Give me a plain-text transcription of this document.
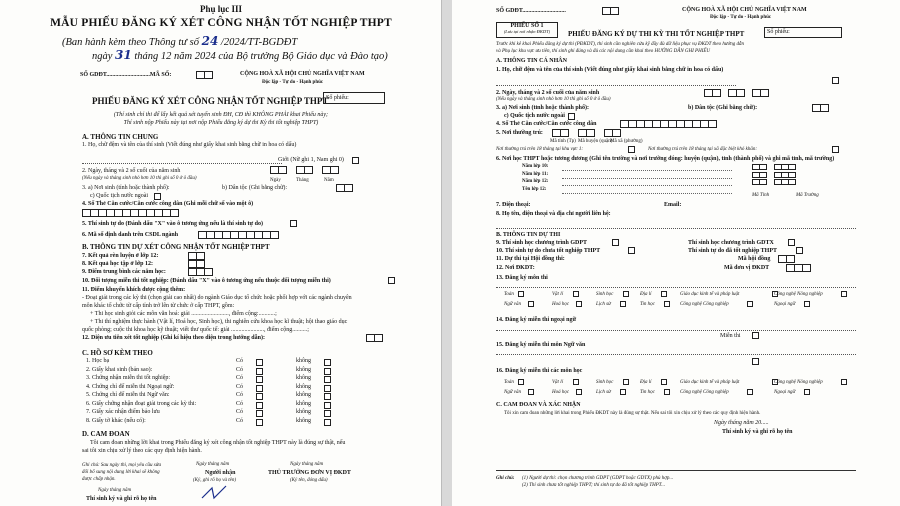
Phụ lục III
MẪU PHIẾU ĐĂNG KÝ XÉT CÔNG NHẬN TỐT NGHIỆP THPT
(Ban hành kèm theo Thông tư số 24 /2024/TT-BGDĐT
ngày 31 tháng 12 năm 2024 của Bộ trưởng Bộ Giáo dục và Đào tạo)
SỐ GDĐT.............................MÃ SỐ:	CỘNG HOÀ XÃ HỘI CHỦ NGHĨA VIỆT NAM
Độc lập - Tự do - Hạnh phúc
PHIẾU ĐĂNG KÝ XÉT CÔNG NHẬN TỐT NGHIỆP THPT
Số phiếu:
(Thí sinh chỉ thi để lấy kết quả xét tuyển sinh ĐH, CĐ thì KHÔNG PHẢI khai Phiếu này;
Thí sinh nộp Phiếu này tại nơi nộp Phiếu đăng ký dự thi Kỳ thi tốt nghiệp THPT)
A. THÔNG TIN CHUNG
1. Họ, chữ đệm và tên của thí sinh (Viết đúng như giấy khai sinh bằng chữ in hoa có dấu)
Giới (Nữ ghi 1, Nam ghi 0)
2. Ngày, tháng và 2 số cuối của năm sinh
(Nếu ngày và tháng sinh nhỏ hơn 10 thì ghi số 0 ở ô đầu)	Ngày	Tháng	Năm
3. a) Nơi sinh (tỉnh hoặc thành phố):	b) Dân tộc (Ghi bằng chữ):
c) Quốc tịch nước ngoài
4. Số Thẻ Căn cước/Căn cước công dân (Ghi mỗi chữ số vào một ô)
5. Thí sinh tự do (Đánh dấu "X" vào ô tương ứng nếu là thí sinh tự do)
6. Mã số định danh trên CSDL ngành
B. THÔNG TIN DỰ XÉT CÔNG NHẬN TỐT NGHIỆP THPT
7. Kết quả rèn luyện ở lớp 12:
8. Kết quả học tập ở lớp 12:
9. Điểm trung bình các năm học:
10. Đối tượng miễn thi tốt nghiệp: (Đánh dấu "X" vào ô tương ứng nếu thuộc đối tượng miễn thi)
11. Điểm khuyến khích được cộng thêm:
- Đoạt giải trong các kỳ thi (chọn giải cao nhất) do ngành Giáo dục tổ chức hoặc phối hợp với các ngành chuyên
môn khác tổ chức từ cấp tỉnh trở lên từ chức ở cấp THPT, gồm:
+ Thi học sinh giỏi các môn văn hoá: giải ........................., điểm cộng:...........;
+ Thi thí nghiệm thực hành (Vật lí, Hoá học, Sinh học), thi nghiên cứu khoa học kĩ thuật; hội thao giáo dục
quốc phòng; cuộc thi khoa học kỹ thuật; viết thư quốc tế: giải ......................, điểm cộng..........;
12. Diện ưu tiên xét tốt nghiệp (Ghi kí hiệu theo diện trong hướng dẫn):
C. HỒ SƠ KÈM THEO
1. Học bạ	Có	không
2. Giấy khai sinh (bản sao):	Có	không
3. Chứng nhận miễn thi tốt nghiệp:	Có	không
4. Chứng chỉ để miễn thi Ngoại ngữ:	Có	không
5. Chứng chỉ để miễn thi Ngữ văn:	Có	không
6. Giấy chứng nhận đoạt giải trong các kỳ thi:	Có	không
7. Giấy xác nhận điểm bảo lưu	Có	không
8. Giấy tờ khác (nếu có):	Có	không
D. CAM ĐOAN
Tôi cam đoan những lời khai trong Phiếu đăng ký xét công nhận tốt nghiệp THPT này là đúng sự thật, nếu
sai tôi xin chịu xử lý theo các quy định hiện hành.
Ghi chú: Sau ngày thi, mọi yêu cầu sửa đổi bổ sung nội dung lời khai sẽ không được chấp nhận.
Ngày tháng năm
Người nhận
(Ký, ghi rõ họ và tên)
Ngày tháng năm
THỦ TRƯỞNG ĐƠN VỊ ĐKDT
(Ký tên, đóng dấu)
Ngày tháng năm
Thí sinh ký và ghi rõ họ tên
SỐ GDĐT.............................	CỘNG HOÀ XÃ HỘI CHỦ NGHĨA VIỆT NAM
Độc lập - Tự do - Hạnh phúc
PHIẾU SỐ 1
(Lưu tại nơi nhận ĐKDT)	PHIẾU ĐĂNG KÝ DỰ THI KỲ THI TỐT NGHIỆP THPT	Số phiếu:
Trước khi kê khai Phiếu đăng ký dự thi (PĐKDT), thí sinh cần nghiên cứu kỹ đầy đủ dữ liệu phục vụ ĐKDT theo hướng dẫn
và Phụ lục khu vực ưu tiên, thí sinh ghi đúng và đủ các nội dung cần khai theo HƯỚNG DẪN GHI PHIẾU
A. THÔNG TIN CÁ NHÂN
1. Họ, chữ đệm và tên của thí sinh (Viết đúng như giấy khai sinh bằng chữ in hoa có dấu)
2. Ngày, tháng và 2 số cuối của năm sinh
(Nếu ngày và tháng sinh nhỏ hơn 10 thì ghi số 0 ở ô đầu)
3. a) Nơi sinh (tỉnh hoặc thành phố):	b) Dân tộc (Ghi bằng chữ):
c) Quốc tịch nước ngoài
4. Số Thẻ Căn cước/Căn cước công dân
5. Nơi thường trú:
Mã tỉnh (Tp) Mã huyện (quận)
Mã xã (phường)
Nơi thường trú trên 18 tháng tại khu vực 1:	Nơi thường trú trên 18 tháng tại xã đặc biệt khó khăn:
6. Nơi học THPT hoặc tương đương (Ghi tên trường và nơi trường đóng: huyện (quận), tỉnh (thành phố) và ghi mã tỉnh, mã trường)
Năm lớp 10:
Năm lớp 11:
Năm lớp 12:
Tên lớp 12:
Mã Tỉnh	Mã Trường
7. Điện thoại:	Email:
8. Họ tên, điện thoại và địa chỉ người liên hệ:
B. THÔNG TIN DỰ THI
9. Thí sinh học chương trình GDPT	Thí sinh học chương trình GDTX
10. Thí sinh tự do chưa tốt nghiệp THPT	Thí sinh tự do đã tốt nghiệp THPT
11. Dự thi tại Hội đồng thi:	Mã hội đồng
12. Nơi ĐKDT:	Mã đơn vị ĐKDT
13. Đăng ký môn thi
Toán	Vật lí	Sinh học	Địa lí	Giáo dục kinh tế và pháp luật	Công nghệ Nông nghiệp
Ngữ văn	Hoá học	Lịch sử	Tin học	Công nghệ Công nghiệp	Ngoại ngữ
14. Đăng ký miễn thi ngoại ngữ
Miễn thi
15. Đăng ký miễn thi môn Ngữ văn
16. Đăng ký miễn thi các môn học
Toán	Vật lí	Sinh học	Địa lí	Giáo dục kinh tế và pháp luật	Công nghệ Nông nghiệp
Ngữ văn	Hoá học	Lịch sử	Tin học	Công nghệ Công nghiệp	Ngoại ngữ
C. CAM ĐOAN VÀ XÁC NHẬN
Tôi xin cam đoan những lời khai trong Phiếu ĐKDT này là đúng sự thật. Nếu sai tôi xin chịu xử lý theo các quy định hiện hành.
Ngày tháng năm 20.....
Thí sinh ký và ghi rõ họ tên
Ghi chú: (1) Người dự thi: chọn chương trình GDPT (GDPT hoặc GDTX) phù hợp...
(2) Thí sinh chưa tốt nghiệp THPT; thí sinh tự do đã tốt nghiệp THPT...
